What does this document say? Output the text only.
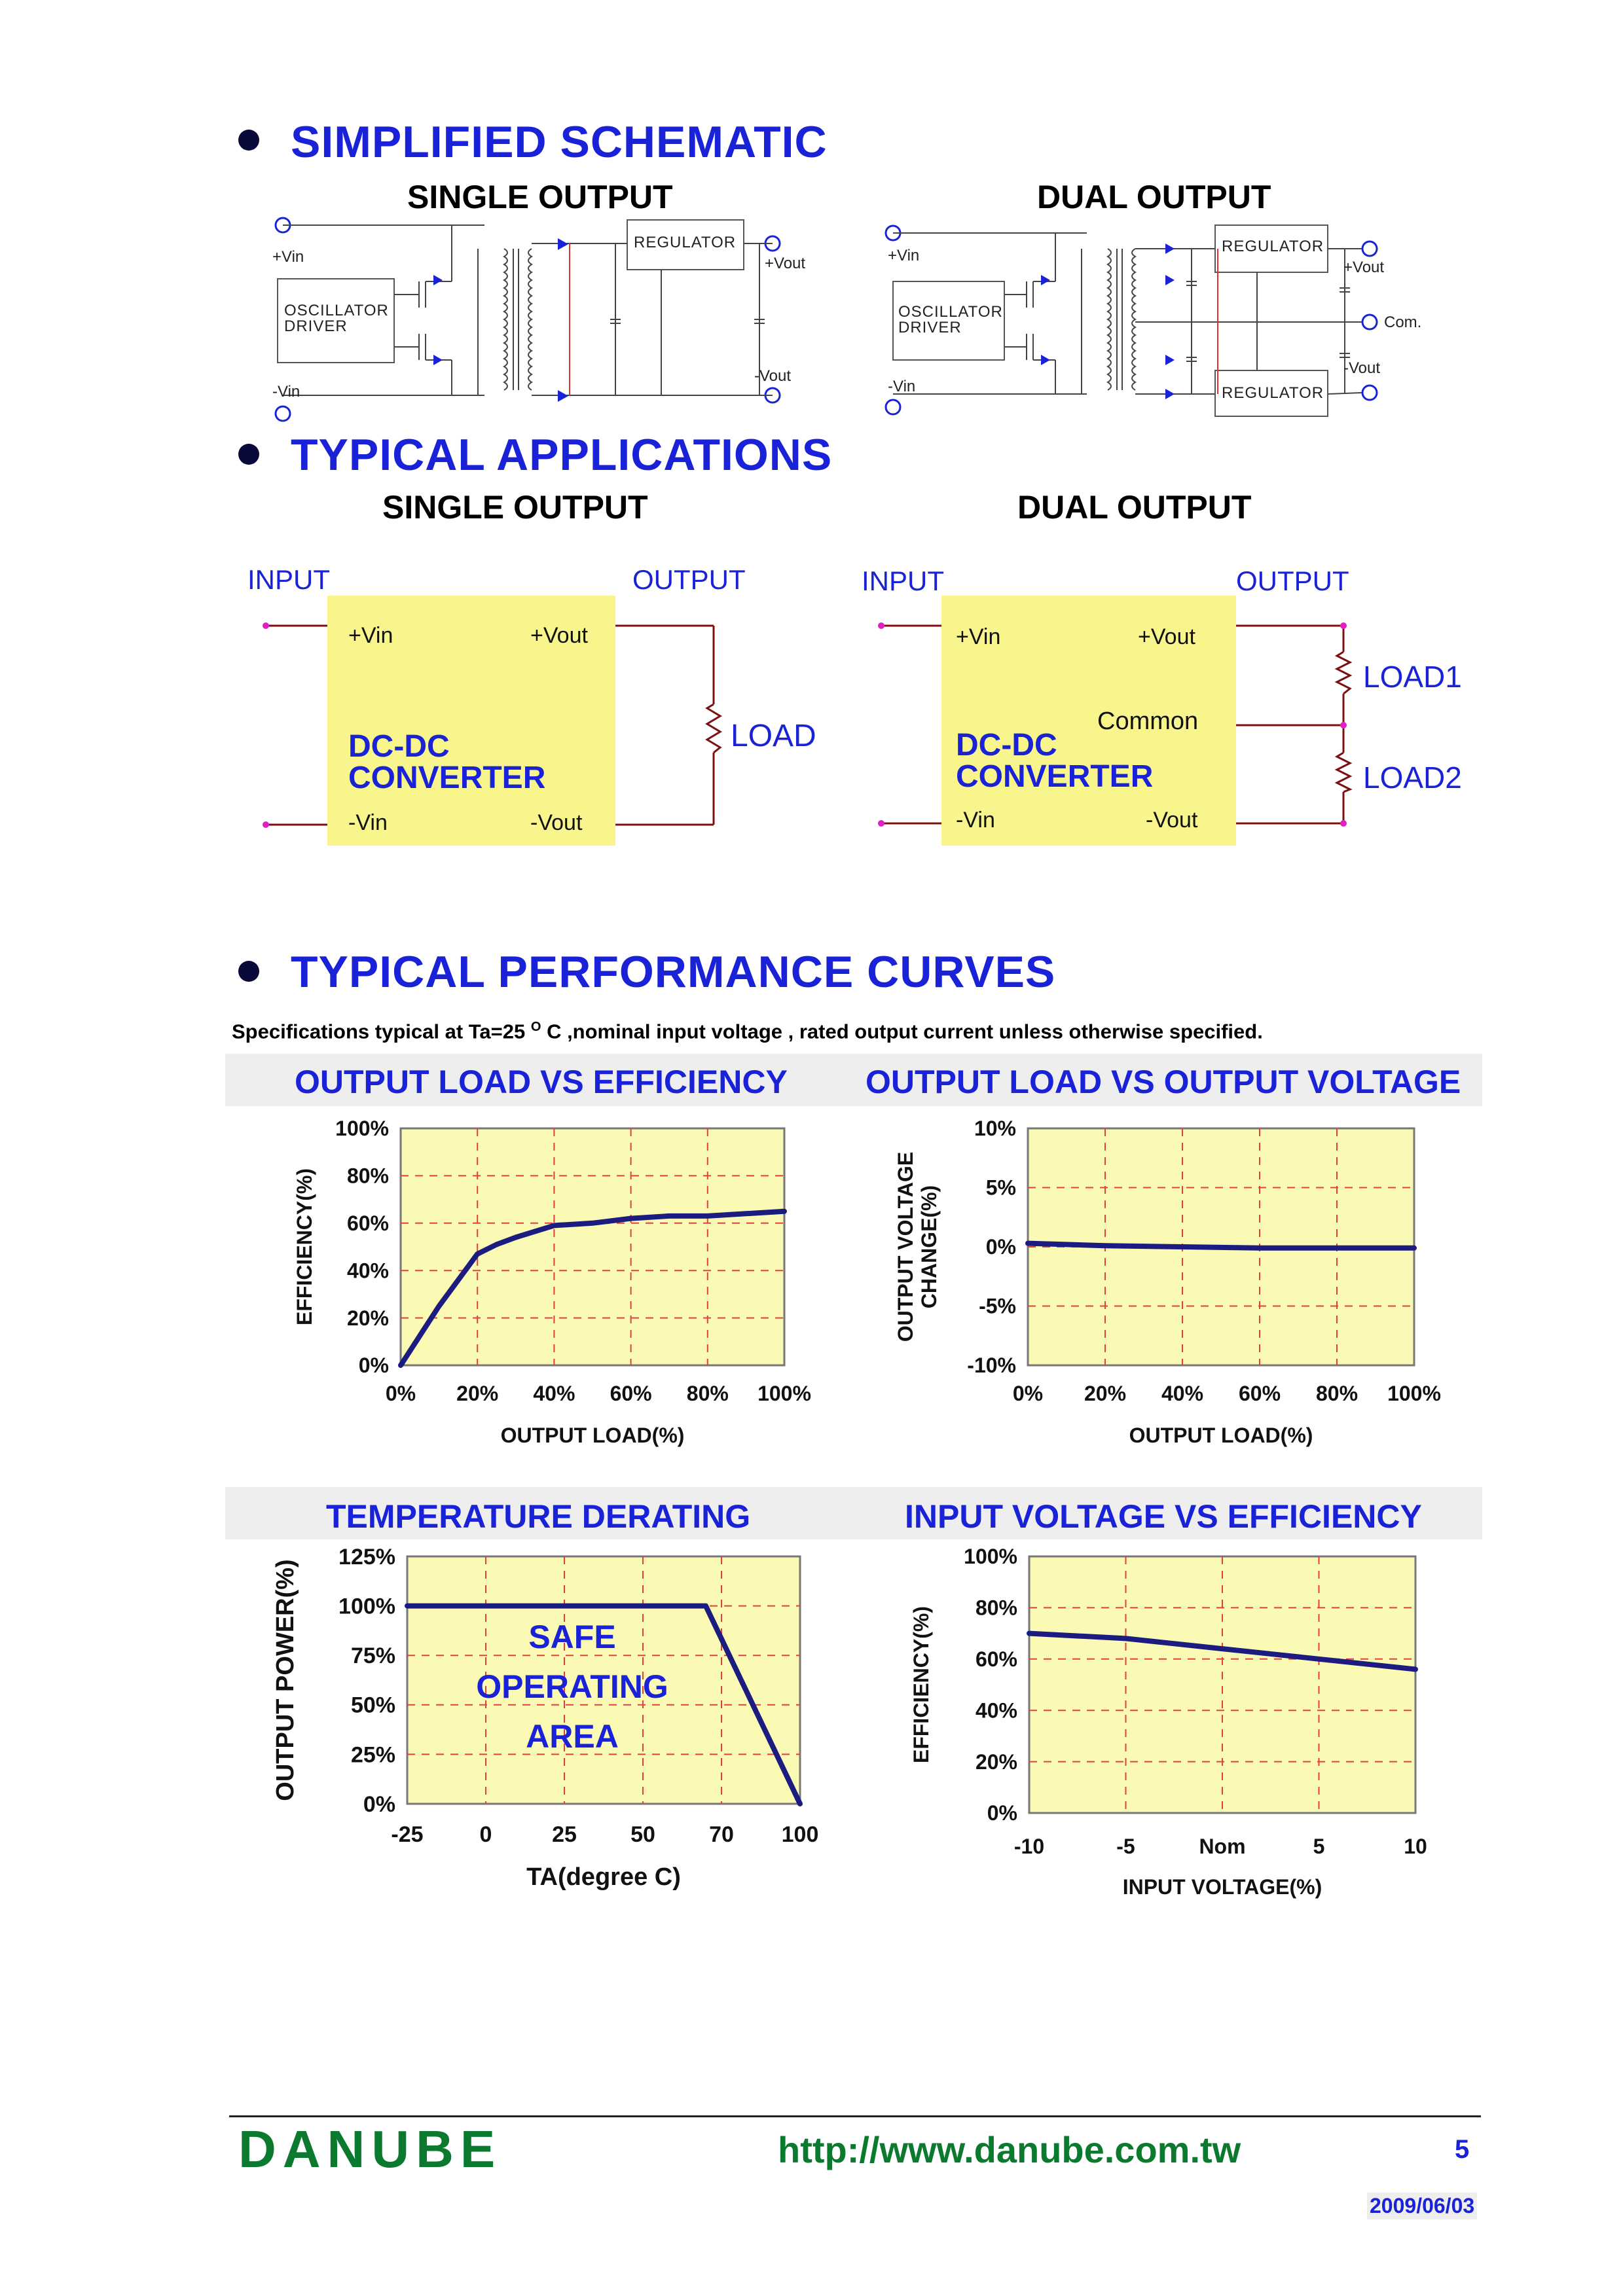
SIMPLIFIED SCHEMATIC
SINGLE OUTPUT	DUAL OUTPUT
+Vin
-Vin
+Vout
-Vout
OSCILLATOR
DRIVER
REGULATOR
+Vin
-Vin
+Vout
Com.
-Vout
OSCILLATOR
DRIVER
REGULATOR
REGULATOR
TYPICAL APPLICATIONS
SINGLE OUTPUT	DUAL OUTPUT
INPUT	OUTPUT
+Vin	+Vout
-Vin	-Vout
DC-DC
CONVERTER
LOAD
INPUT	OUTPUT
+Vin	+Vout
-Vin	-Vout
Common
DC-DC
CONVERTER
LOAD1
LOAD2
TYPICAL PERFORMANCE CURVES
Specifications typical at Ta=25 $^O$ C ,nominal input voltage , rated output current unless otherwise specified.
OUTPUT LOAD VS EFFICIENCY OUTPUT LOAD VS OUTPUT VOLTAGE
TEMPERATURE DERATING	INPUT VOLTAGE VS EFFICIENCY
0% 20% 40% 60% 80% 100%
100%
80%
60%
40%
20%
0%
OUTPUT LOAD(%)
EFFICIENCY(%)
0% 20% 40% 60% 80% 100%
10%
5%
0%
-5%
-10%
OUTPUT LOAD(%)
OUTPUT VOLTAGE CHANGE(%)
-25	0	25 50 70 100
125%
100%
75%
50%
25%
0%
TA(degree C)
OUTPUT POWER(%)	SAFE
OPERATING
AREA
-10	-5	Nom	5	10
100%
80%
60%
40%
20%
0%
INPUT VOLTAGE(%)
EFFICIENCY(%)
DANUBE	http://www.danube.com.tw	5
2009/06/03
